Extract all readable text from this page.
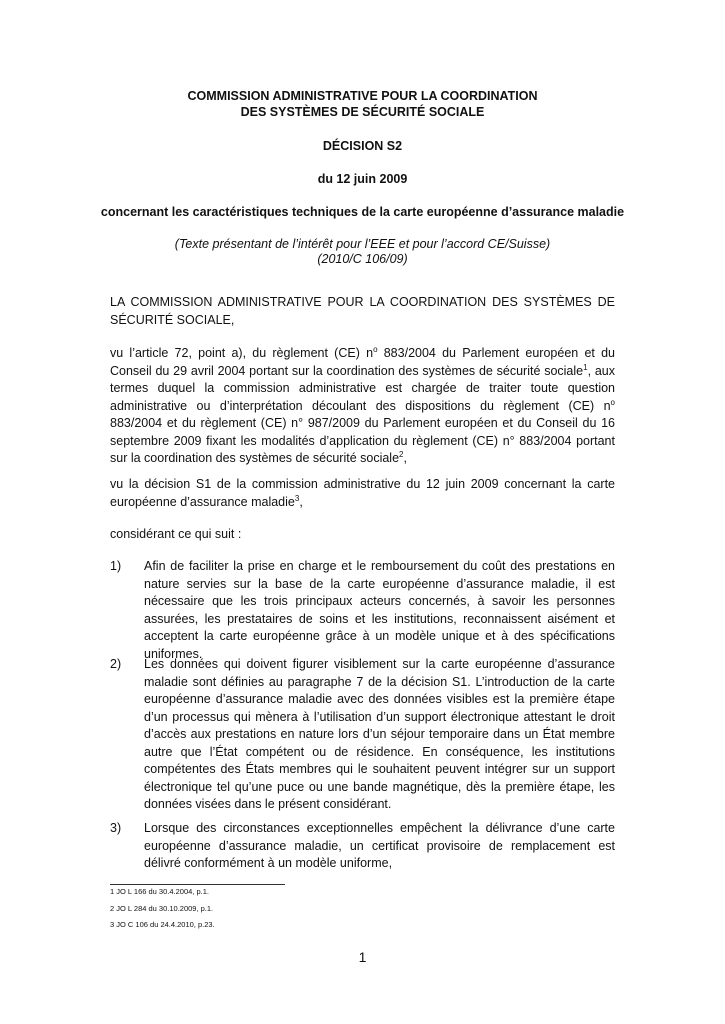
COMMISSION ADMINISTRATIVE POUR LA COORDINATION
DES SYSTÈMES DE SÉCURITÉ SOCIALE
DÉCISION S2
du 12 juin 2009
concernant les caractéristiques techniques de la carte européenne d’assurance maladie
(Texte présentant de l’intérêt pour l’EEE et pour l’accord CE/Suisse)
(2010/C 106/09)
LA COMMISSION ADMINISTRATIVE POUR LA COORDINATION DES SYSTÈMES DE SÉCURITÉ SOCIALE,
vu l’article 72, point a), du règlement (CE) $n^o$ 883/2004 du Parlement européen et du Conseil du 29 avril 2004 portant sur la coordination des systèmes de sécurité sociale$^1$, aux termes duquel la commission administrative est chargée de traiter toute question administrative ou d’interprétation découlant des dispositions du règlement (CE) $n^o$ 883/2004 et du règlement (CE) n° 987/2009 du Parlement européen et du Conseil du 16 septembre 2009 fixant les modalités d’application du règlement (CE) n° 883/2004 portant sur la coordination des systèmes de sécurité sociale$^2$,
vu la décision S1 de la commission administrative du 12 juin 2009 concernant la carte européenne d’assurance maladie$^3$,
considérant ce qui suit :
1)	Afin de faciliter la prise en charge et le remboursement du coût des prestations en nature servies sur la base de la carte européenne d’assurance maladie, il est nécessaire que les trois principaux acteurs concernés, à savoir les personnes assurées, les prestataires de soins et les institutions, reconnaissent aisément et acceptent la carte européenne grâce à un modèle unique et à des spécifications uniformes.
2)	Les données qui doivent figurer visiblement sur la carte européenne d’assurance maladie sont définies au paragraphe 7 de la décision S1. L’introduction de la carte européenne d’assurance maladie avec des données visibles est la première étape d’un processus qui mènera à l’utilisation d’un support électronique attestant le droit d’accès aux prestations en nature lors d’un séjour temporaire dans un État membre autre que l’État compétent ou de résidence. En conséquence, les institutions compétentes des États membres qui le souhaitent peuvent intégrer sur un support électronique tel qu’une puce ou une bande magnétique, dès la première étape, les données visées dans le présent considérant.
3)	Lorsque des circonstances exceptionnelles empêchent la délivrance d’une carte européenne d’assurance maladie, un certificat provisoire de remplacement est délivré conformément à un modèle uniforme,
1 JO L 166 du 30.4.2004, p.1.
2 JO L 284 du 30.10.2009, p.1.
3 JO C 106 du 24.4.2010, p.23.
1
